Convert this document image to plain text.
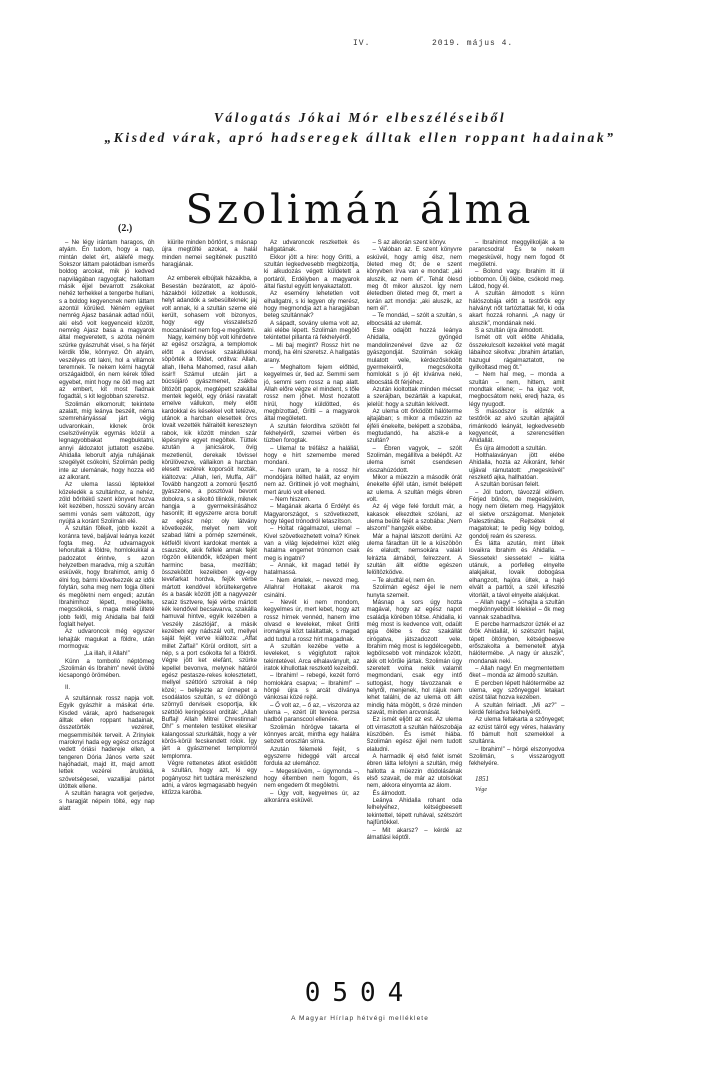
IV.	2019. május 4.
Válogatás Jókai Mór elbeszéléseiből
„Kisded várak, apró hadseregek álltak ellen roppant hadainak”
Szolimán álma
(2.)

– Ne légy irántam haragos, óh atyám. Én tudom, hogy a nap, mintán delet ért, alálefé megy. Sokszor láttam palotádban ismerős boldog arcokat, mik jó kedved napvilágában ragyogtak; hallottam másik éjjel bevarrott zsákokat nehéz terhekkel a tengerbe hullani, s a boldog kegyencnek nem láttam azontúl körüled. Néném egyiket nemrég Ajasz basának adtad nőül, aki első volt kegyenceid között, nemrég Ajasz basa a magyarok által megveretett, s azóta néném szürke gyászruhát visel, s ha férjét kérdik tőle, könnyez. Óh atyám, veszélyes ott lakni, hol a villámok teremnek. Te nekem kérni hagytál országaidból, én nem kérek tőled egyebet, mint hogy ne ölő meg azt az embert, kit most fiadnak fogadtál, s kit legjobban szeretsz.

Szolimán elkomorult; tekintete azalatt, míg leánya beszélt, néma szemrehányással járt végig udvaronkain, kiknek örök cselszövényük egymás közül a legnagyobbakat megbuktatni, annyi áldozatot juttatott eszébe. Ahidalla leborult atyja ruhájának szegélyét csókolni, Szolimán pedig inte az ulemának, hogy hozza elő az alkorant.

Az ulema lassú léptekkel közeledék a szultánhoz, a nehéz, zöld bőrítékű szent könyvet hozva két kezében, hosszú sovány arcán semmi vonás sem változott, úgy nyújtá a koránt Szolimán elé.

A szultán fölkelt, jobb kezét a koránra tevé, baljával leánya kezét fogta meg. Az udvarnagyok lehorultak a földre, homlokukkal a padozatot érintve, s azon helyzetben maradva, míg a szultán esküvék, hogy Ibrahimot, amíg ő élni fog, bármi következzék az idők folytán, soha meg nem fogja ölteni és megöletni nem engedi; azután Ibrahimhoz lépett, megölelte, megcsókolá, s maga mellé ülteté jobb felől, míg Ahidalla bal felől foglalt helyet.

Az udvaroncok még egyszer lehajták magukat a földre, után mormogva:

„La illah, il Allah!”

Künn a tombolló néptömeg „Szolimán és Ibrahim” nevét üvölté kicsapongó örömében.

II.

A szultánnak rossz napja volt. Egyik gyászhír a másikat érte. Kisded várak, apró hadseregek álltak ellen roppant hadainak, összetörték vezéreit, megsemmisíték terveit. A Zrínyiek maroknyi hada egy egész országot vedett óriási hadereje ellen, a tengeren Dória János verte szét hajóhadait, majd itt, majd amott lettek vezérei árulókká, szövetségesei, vazallijai pártot ütöttek ellene.

A szultán haragra volt gerjedve, s haragját népein tölté, egy nap alatt

kiürite minden börtönt, s másnap újra megtölté azokat, a halál minden nemei segítének pusztító haragjának.

Az emberek elbújtak házaikba, a Besestán bezáratott, az ápoló-házakból kiűzettek a koldusok, helyt adandók a sebesülteknek; jaj volt annak, ki a szultán szeme elé került, sohasem volt bizonyos, hogy egy visszatetsző moccanásért nem fog-e megöletni.

Nagy, kemény böjt volt kihirdetve az egész országra, a templomok előtt a dervisek szakállukkal söpörték a földet, ordítva: Allah, allah, Illeha Mahomed, rasul allah issir!! Számul utcáin járt a búcsújáró gyászmenet, zsákba öltözött papok, megtépett szakállal mentek legelöl, egy óriási ravatalt emelve vállukon, mely előtt kardokkal és késekkel volt tetézve, utánok a harcban elesettek örcs lovait vezették hálraitélt kereszteyn rabok, kik között minden szár lépésnyire egyet megöltek. Tüttek azután a janicsárok, övig mezetlenül, derekaik tövissel körülövezve, vállaikon a harcban elesett vezérek koporsóit hozták, kiáltozva: „Allah, Ieri, Muffa, Ali!” Tovább hangzott a zomorú fjesztő gyászzene, a posztóval bevont dobokra, s a sikoltó tilinkók, miknek hangja a gyermeksírásához hasonlít; itt egyszerre arcra borult az egész nép: oly látvány következék, melyet nem volt szabad látni a pórnép szemének, kétfelől kivont kardokat mentek a csauszok, akik felfelé annak fejét rögzön elütendők, kőzépen ment harminc basa, mezítláb; összekötött kezeikben egy-egy tevefarkat hordva, fejök vérbe mártott kendővel körültekergetve és a basák között jött a nagyvezér szaúz tisztvere, fejé vérbe mártott kék kendővel becsavarva, szakálla hamuval hintve, egyik kezében a 'veszély zászlóját', a másik kezében egy nádszál volt, mellyel saját fejét verve kiáltoza: „Affat millet Zaffai!” Körül orditott, sírt a nép, s a port csókolta fel a földről. Végre jött ket elefánt, szürke lepellel bevonva, melynek hátáról egész pestasze-rekes kolesztetett, mellyel széttóró sztrokat a nép közé; – befejezte az ünnepet a csodálatos szultán, s ez dölöngö szörnyű dervisek csoportja, kik széttölö keringéssel orditák: „Allah Buffaj! Allah Mitrei Chrestinnai! Oh!” s mentelen testüket elesikar kalangossal szurkálták, hogy a vér körös-körül fecskendett rólok. Így járt a gyászmenet templomról templomra.

Végre rettenetes átkot eskűdött a szultán, hogy azt, ki egy pogányosz hirt tudtára merészlend adni, a város legmagasabb hegyén kitűzza karóba.

Az udvaroncok reszkettek és hallgatának.

Ekkor jött a hire: hogy Gritti, a szultán legkedvesebb megbizottja, ki alkudozás végett küldetett a portáról, Erdélyben a magyarok által fiastul együtt lenyakaztatott.

Az esemény lehetetlen volt elhallgatni, s ki legyen oly merész, hogy megmondja azt a haragjában beteg szultánnak?

A sápadt, sovány ulema volt az, aki elébe lépett. Szolimán megölő tekintettel pillanta rá fekhelyéről.

– Mi baj megint? Rossz hírt ne mondj, ha élni szeretsz. A hallgatás arany.

– Meghaltom fejem előttéd, kegyelmes úr, tied az. Semmi sem jó, semmi sem rossz a nap alatt. Allah előre végze el mindent, s tőle rossz nem jőhet. Most hozatott hírül, hogy küldötted, és megbízottad, Gritti – a magyarok által megöletett.

A szultán felordítva szökött fel fekhelyéről, szemei vérben és tüzben forogtak.

– Ulema! te tréfálsz a haláliál, hogy e hírt szemembe mered mondani.

– Nem uram, te a rossz hír mondójára ítélted halált, az enyim nem az. Grittinek jó volt meghalni, mert áruló volt ellened.

– Nem hiszem.

– Magának akarta ő Erdélyt és Magyarországot, s szövetkezett, hogy téged trónodról letaszítson.

– Holtat rágalmazol, ulema! – Kivel szövetkezhetett volna? Kinek van a világ lejedelmei közt elég hatalma engemet trónomon csak meg is ingatni?

– Annak, kit magad tettél ily hatalmassá.

– Nem értelek, – nevezd meg. Allahra! Holtakat akarok ma csinálni.

– Nevét ki nem mondom, kegyelmes úr, mert lebet, hogy azt rossz hírnek vennéd, hanem íme olvasd e leveleket, miket Gritti irományai közt találtattak, s magad add tudtul a rossz hírt magadnak.

A szultán kezébe vette a leveleket, s végigfutott rajtok tekintetével. Arca elhalaványult, az iratok kihullottak reszkető kezeiből.

– Ibrahim! – rebegé, kezét forró homlokára csapva; – Ibrahim!” – hörgé újra s arcát díványa vánkosai közé rejté.

– Ő volt az, – ő az, – viszonza az ulema –, ezért ült teveoa perzsa hadból paranscool ellenére.

Szolimán hörögve takarta el könnyes arcát, mintha egy halálra sebzett oroszlán sírna.

Azután félemelé fejét, s egyszerre hideggé vált arccal fordula az ulemához.

– Megesküvém, – úgymonda –, hogy éltemben nem fogom, és nem engedem őt megöletni.

– Úgy volt, kegyelmes úr, az alkoránra esküvél.

– S az alkorán szent könyv.

– Valóban az. E szent könyvre esküvél, hogy amíg élsz, nem öleted meg őt; de e szent könyvben írva van e mondat: „aki aluszik, az nem él”. Tehát ölesd meg őt mikor aluszol. Így nem életedben öleted meg őt, mert a korán azt mondja: „aki aluszik, az nem él”.

– Te mondád, – szólt a szultán, s elbocsátá az ulemát.

Este odajött hozzá leánya Ahidalla, gyöngéd mandolinzenével űzve az őz gyászgondját. Szolimán sokáig mulatott vele, kérdezősködött gyermekeiről, megcsókolta homlokát s jó éjt kívánva neki, elbocsátá őt férjéhez.

Azután kioltottak minden mécset a szerájban, bezárták a kapukat, jelelül: hogy a szultán lekívedt.

Az ulema ott őrködött hálóterme ajtajában; s mikor a műezzin az éjféli énekelte, belépett a szobába, megtudandó, ha alszik-e a szultán?

– Ébren vagyok, – szólt Szolimán, megállítva a belépőt. Az ulema ismét csendesen visszahúzódott.

Mikor a müezzin a második órát énekelte éjfél után, ismét belépett az ulema. A szultán mégis ébren volt.

Az éj vége felé fordult már, a kakasok elkezdtek szólani, az ulema beüté fejét a szobába: „Nem alszom!” hangzék elébe.

Már a hajnal látszott derülni. Az ulema fáradtan ült le a küszöbön és elaludt; nemsokára valaki felrázta álmából, felrezzent. A szultán állt előtte egészen felöltözködve.

– Te aludtál el, nem én.

Szolimán egész éjjel le nem hunyta szemeit.

Másnap a sors úgy hozta magával, hogy az egész napot családja körében töltse. Ahidalla, ki még most is kedvence volt, odaült apja ölébe s ősz szakállát cirógatva, játszadozott vele. Ibrahim még most is legdélcegebb, legbölcsebb volt mindazok között, akik ott körűle jártak. Szolimán úgy szeretett volna nekik valamit megmondani, csak egy intő suttogást, hogy távozzanak e helyről, menjenek, hol rájuk nem lehet találni, de az ulema ott állt mindig háta mögött, s őrzé minden szavát, minden arcvonását.

Ez ismét eljött az est. Az ulema ott virrasztott a szultán hálószobája küszöbén. És ismét hiába. Szolimán egész éjjel nem tudott elaludni.

A harmadik éj első felét ismét ébren látta lefolyni a szultán, még hallotta a müezzin dúdolásának első szavait, de már az utolsókat nem, akkora elnyomta az álom.

És álmodott.

Leánya Ahidalla rohant oda felhelyéhez, kétségbeesett tekintettel, tépett ruhával, szétszórt hajfürtökkel.

– Mit akarsz? – kérdé az álmatlási képtől.

– Ibrahimot meggyilkolják a te parancsodra! És te nekem megesküvél, hogy nem fogod őt megöletni.

– Bolond vagy. Ibrahim itt ül jobbomon. Ülj ölébe, csókold meg. Látod, hogy él.

A szultán álmodott s künn hálószobája előtt a testőrök egy halványt nőt tartóztattak fel, ki oda akart hozzá rohanni. „A nagy úr aluszik”, mondának neki.

S a szultán újra álmodott.

Ismét ott volt előtte Ahidalla, összekulcsolt kezekkel veté magát lábaihoz sikoltva: „Ibrahim ártatlan, hazugul rágalmaztatott, ne gyilkoltasd meg őt.”

– Nem hal meg, – monda a szultán – nem, hittem, amit mondtak ellene; – ha igaz volt, megbocsátom neki, eredj haza, és légy nyugodt.

S másodszor is elűzték a testőrök az alvó szultán ajtajától rimánkodó leányát, legkedvesebb kegyencét, a szerencsétlen Ahidallát.

És újra álmodott a szultán.

Holthalaványan jött elébe Ahidalla, hozta az Alkoránt, fehér ujjával rámutatott: „megesküvél” reszkető ajka, hallhatóan.

A szultán borúsan felelt.

– Jól tudom, távozzál előlem. Férjed bűnös, de megesküvém, hogy nem öletem meg. Hagyjátok el sietve országomat. Menjetek Palesztinába. Rejtsétek el magatokat; te pedig légy boldog, gondolj reám és szeress.

És látta azután, mint ültek lovaikra Ibrahim és Ahidalla. – Siessetek! siessetek! – kiálta utánuk, a porfelleg elnyelte alakjaikat, lovaik dobogása elhangzott, hajóra ültek, a hajó elvált a parttól, a szél kifeszité vitorláit, a távol elnyelte alakjukat.

– Allah nagy! – sóhajta a szultán megkönnyebbült lélekkel – ők meg vannak szabadítva.

E percbe harmadszor üzték el az őrök Ahidallát, ki szétszórt hajjal, tépett öltönyben, kétségbeesve erőszakolta a bemenetelt atyja hálótermébe. „A nagy úr aluszik”, mondanak neki.

– Allah nagy! En megmentettem őket – monda az álmodó szultán.

E percben lépett hálótermébe az ulema, egy szőnyeggel letakart ezüst tálat hozva kezében.

A szultán felriadt. „Mi az?” – kérdé felriadva fekhelyéről.

Az ulema feltakarta a szőnyeget; az ezüst tálról egy véres, halavány fő bámult holt szemekkel a szultánra.

– Ibrahim!” – hörgé elszonyodva Szolimán, s visszarogyott fekhelyére.

1851
Vége
0504
A Magyar Hírlap hétvégi melléklete
